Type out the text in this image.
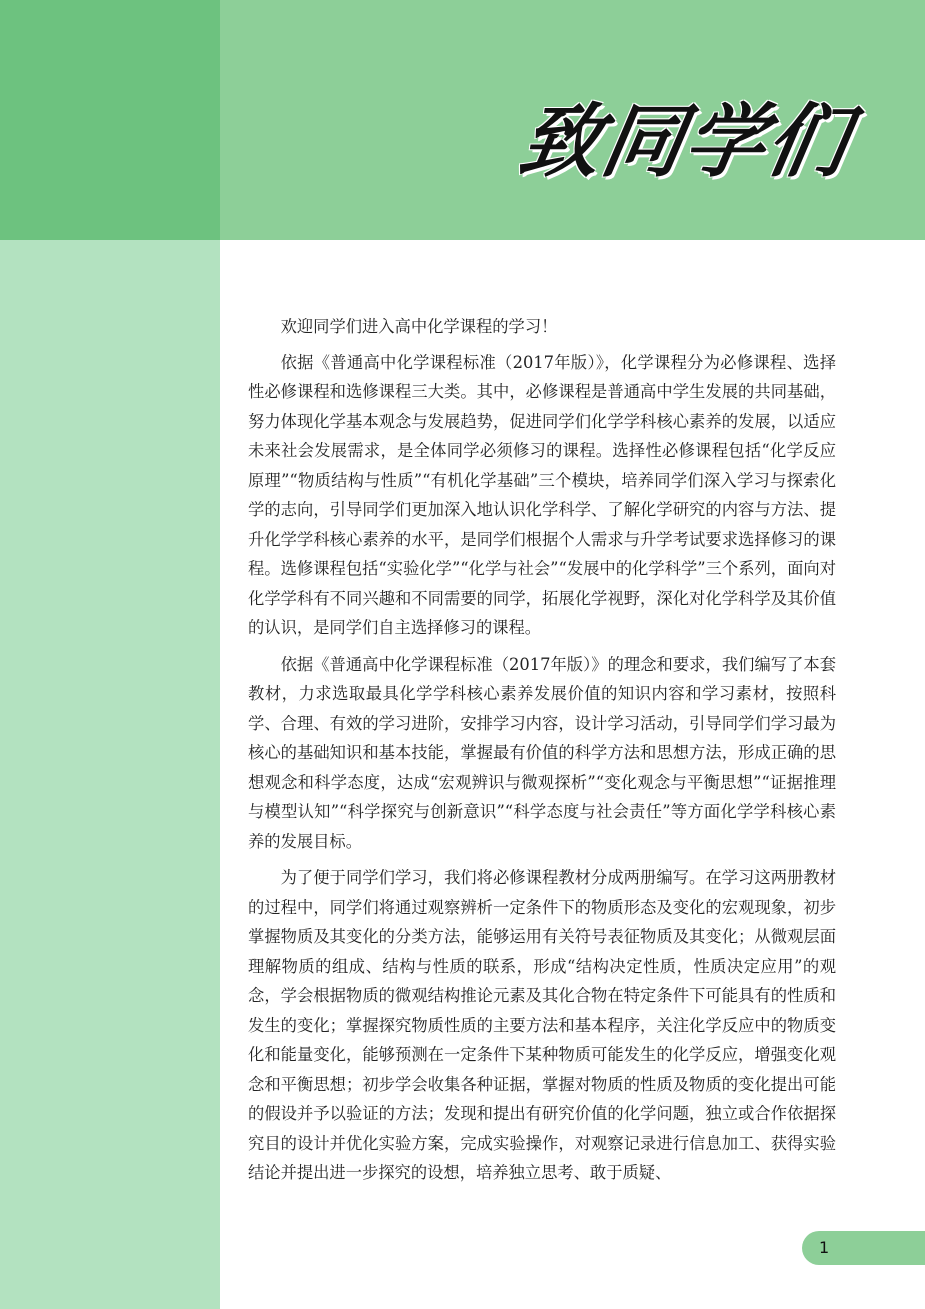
致同学们

欢迎同学们进入高中化学课程的学习！

依据《普通高中化学课程标准（2017年版）》，化学课程分为必修课程、选择性必修课程和选修课程三大类。其中，必修课程是普通高中学生发展的共同基础，努力体现化学基本观念与发展趋势，促进同学们化学学科核心素养的发展，以适应未来社会发展需求，是全体同学必须修习的课程。选择性必修课程包括“化学反应原理”“物质结构与性质”“有机化学基础”三个模块，培养同学们深入学习与探索化学的志向，引导同学们更加深入地认识化学科学、了解化学研究的内容与方法、提升化学学科核心素养的水平，是同学们根据个人需求与升学考试要求选择修习的课程。选修课程包括“实验化学”“化学与社会”“发展中的化学科学”三个系列，面向对化学学科有不同兴趣和不同需要的同学，拓展化学视野，深化对化学科学及其价值的认识，是同学们自主选择修习的课程。

依据《普通高中化学课程标准（2017年版）》的理念和要求，我们编写了本套教材，力求选取最具化学学科核心素养发展价值的知识内容和学习素材，按照科学、合理、有效的学习进阶，安排学习内容，设计学习活动，引导同学们学习最为核心的基础知识和基本技能，掌握最有价值的科学方法和思想方法，形成正确的思想观念和科学态度，达成“宏观辨识与微观探析”“变化观念与平衡思想”“证据推理与模型认知”“科学探究与创新意识”“科学态度与社会责任”等方面化学学科核心素养的发展目标。

为了便于同学们学习，我们将必修课程教材分成两册编写。在学习这两册教材的过程中，同学们将通过观察辨析一定条件下的物质形态及变化的宏观现象，初步掌握物质及其变化的分类方法，能够运用有关符号表征物质及其变化；从微观层面理解物质的组成、结构与性质的联系，形成“结构决定性质，性质决定应用”的观念，学会根据物质的微观结构推论元素及其化合物在特定条件下可能具有的性质和发生的变化；掌握探究物质性质的主要方法和基本程序，关注化学反应中的物质变化和能量变化，能够预测在一定条件下某种物质可能发生的化学反应，增强变化观念和平衡思想；初步学会收集各种证据，掌握对物质的性质及物质的变化提出可能的假设并予以验证的方法；发现和提出有研究价值的化学问题，独立或合作依据探究目的设计并优化实验方案，完成实验操作，对观察记录进行信息加工、获得实验结论并提出进一步探究的设想，培养独立思考、敢于质疑、

1
